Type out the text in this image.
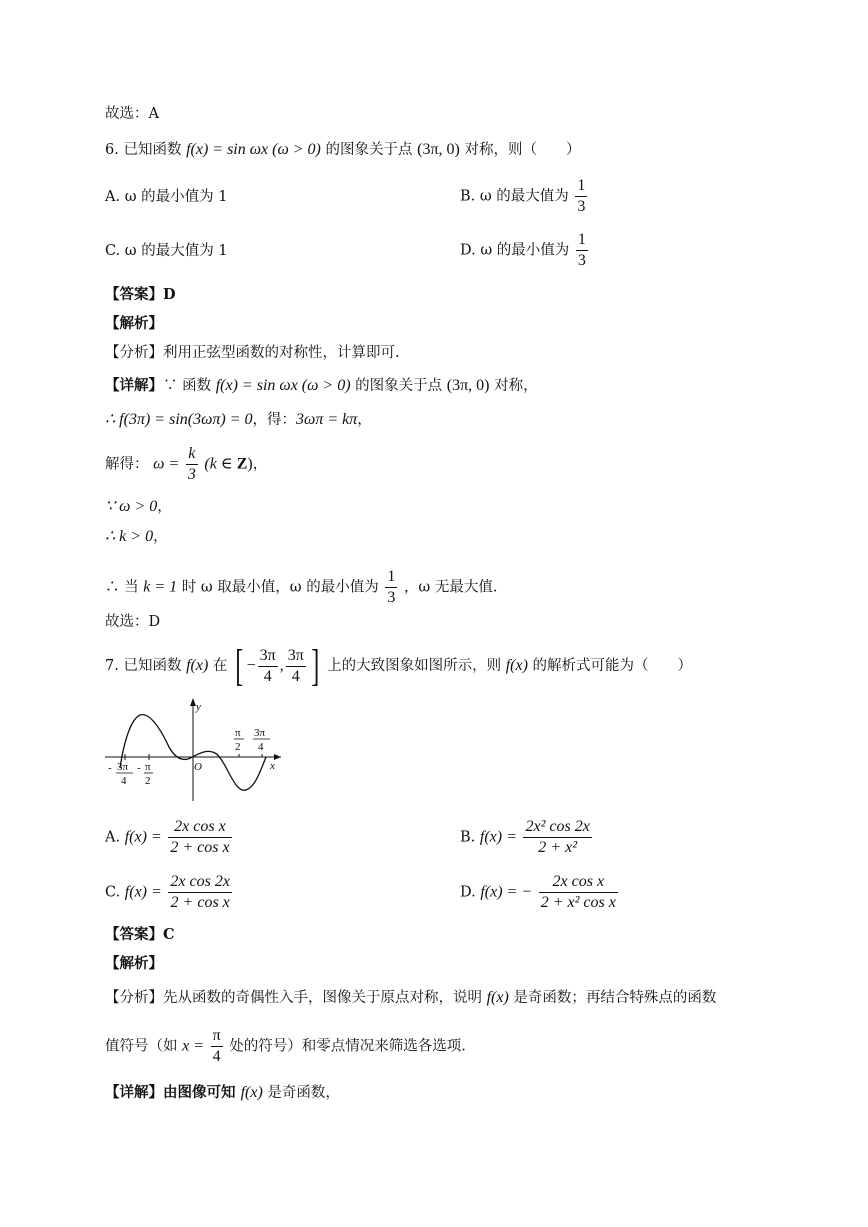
故选：A
6. 已知函数 f(x) = sin ωx (ω > 0) 的图象关于点 (3π, 0) 对称，则（　　）
A. ω 的最小值为 1	B. ω 的最大值为 $\frac{1}{3}$
C. ω 的最大值为 1	D. ω 的最小值为 $\frac{1}{3}$
【答案】D
【解析】
【分析】利用正弦型函数的对称性，计算即可.
【详解】∵ 函数 f(x) = sin ωx (ω > 0) 的图象关于点 (3π, 0) 对称，
∴ f(3π) = sin(3ωπ) = 0，得：3ωπ = kπ，
解得： $\omega = \frac{k}{3} (k$ ∈ Z)，
∵ ω > 0，
∴ k > 0，
∴ 当 k = 1 时 ω 取最小值，ω 的最小值为 $\frac{1}{3}$ ，ω 无最大值.
故选：D
7. 已知函数 f(x) 在 [ − $\frac{3\pi}{4}$ , $\frac{3\pi}{4}$ ] 上的大致图象如图所示，则 f(x) 的解析式可能为（　　）
y
x
O
- 3π
4
- π
2
π
2
3π
4
A. $f(x) = \frac{\text{2x cos x}}{\text{2 + cos x}}$	B. $f(x) = \frac{\text{2x² cos 2x}}{\text{2 + x²}}$
C. $f(x) = \frac{\text{2x cos 2x}}{\text{2 + cos x}}$	D. f(x) = − $\frac{\text{2x cos x}}{\text{2 + x² cos x}}$
【答案】C
【解析】
【分析】先从函数的奇偶性入手，图像关于原点对称，说明 f(x) 是奇函数；再结合特殊点的函数
值符号（如 $x = \frac{\pi}{4}$ 处的符号）和零点情况来筛选各选项.
【详解】由图像可知 f(x) 是奇函数，
